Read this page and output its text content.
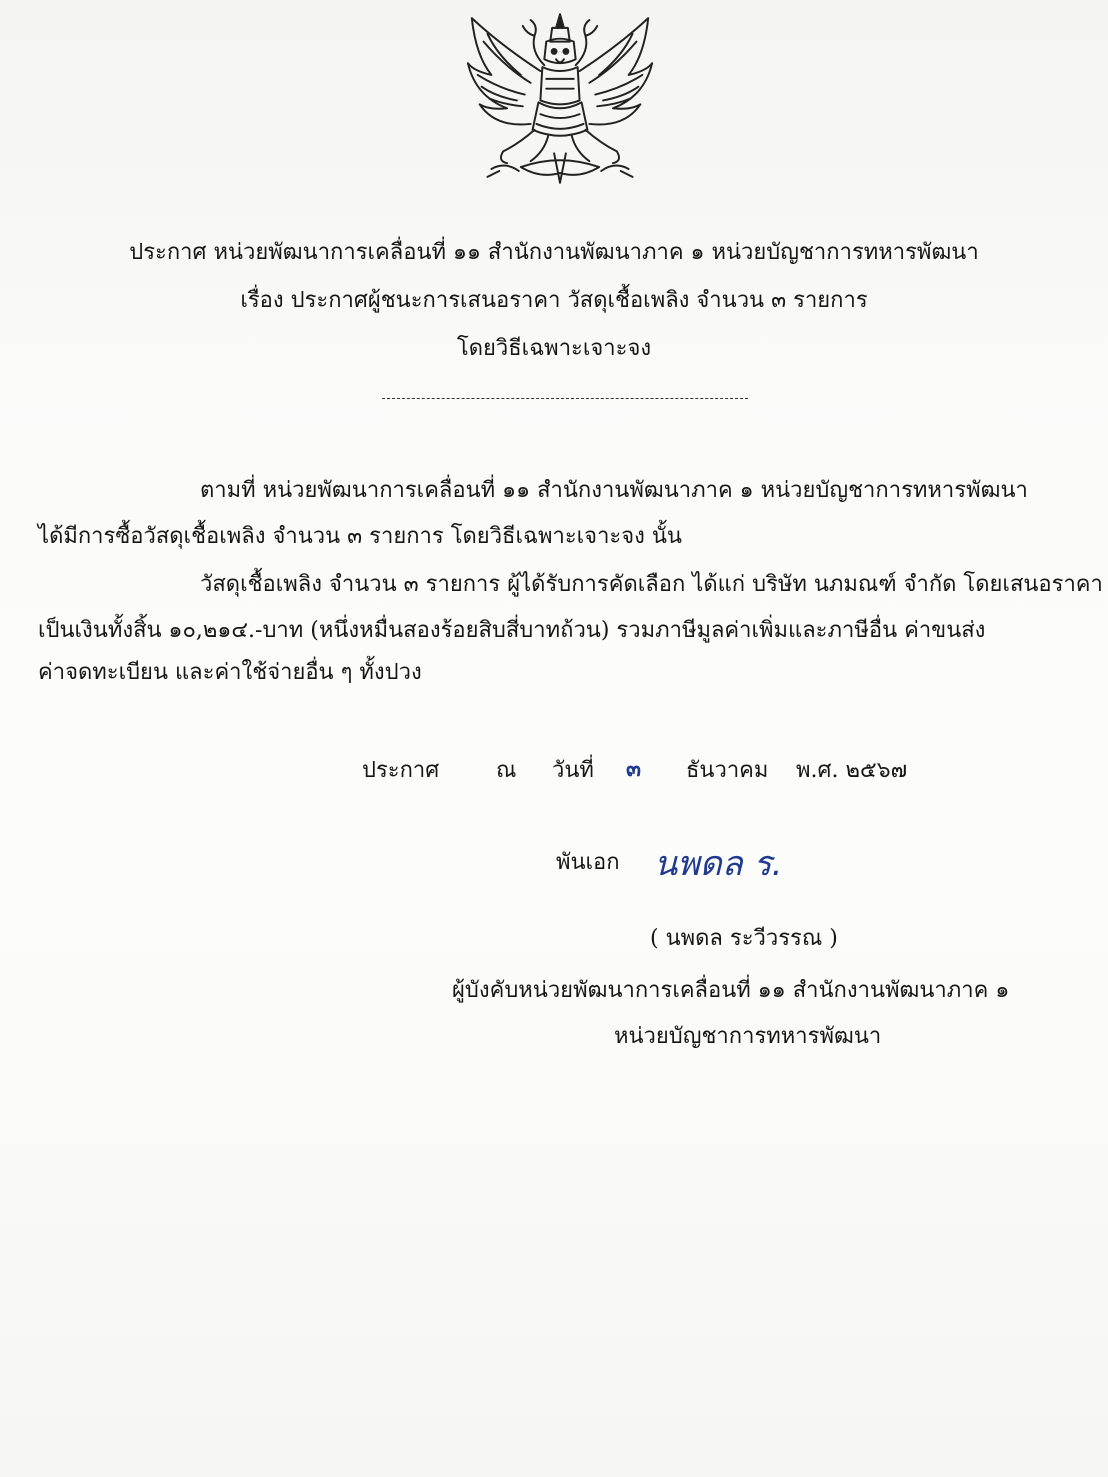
ประกาศ หน่วยพัฒนาการเคลื่อนที่ ๑๑ สำนักงานพัฒนาภาค ๑ หน่วยบัญชาการทหารพัฒนา
เรื่อง ประกาศผู้ชนะการเสนอราคา วัสดุเชื้อเพลิง จำนวน ๓ รายการ
โดยวิธีเฉพาะเจาะจง
ตามที่ หน่วยพัฒนาการเคลื่อนที่ ๑๑ สำนักงานพัฒนาภาค ๑ หน่วยบัญชาการทหารพัฒนา
ได้มีการซื้อวัสดุเชื้อเพลิง จำนวน ๓ รายการ โดยวิธีเฉพาะเจาะจง นั้น
วัสดุเชื้อเพลิง จำนวน ๓ รายการ ผู้ได้รับการคัดเลือก ได้แก่ บริษัท นภมณฑ์ จำกัด โดยเสนอราคา
เป็นเงินทั้งสิ้น ๑๐,๒๑๔.-บาท (หนึ่งหมื่นสองร้อยสิบสี่บาทถ้วน) รวมภาษีมูลค่าเพิ่มและภาษีอื่น ค่าขนส่ง
ค่าจดทะเบียน และค่าใช้จ่ายอื่น ๆ ทั้งปวง
ประกาศ	ณ วันที่ ๓ ธันวาคม พ.ศ. ๒๕๖๗
พันเอก นพดล ร.
( นพดล ระวีวรรณ )
ผู้บังคับหน่วยพัฒนาการเคลื่อนที่ ๑๑ สำนักงานพัฒนาภาค ๑
หน่วยบัญชาการทหารพัฒนา
